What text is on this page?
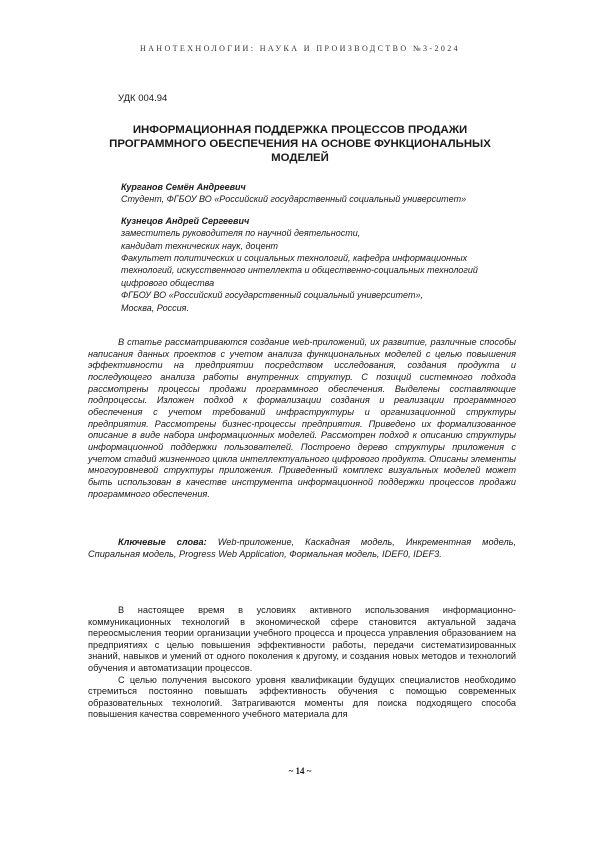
НАНОТЕХНОЛОГИИ: НАУКА И ПРОИЗВОДСТВО №3-2024
УДК 004.94
ИНФОРМАЦИОННАЯ ПОДДЕРЖКА ПРОЦЕССОВ ПРОДАЖИ ПРОГРАММНОГО ОБЕСПЕЧЕНИЯ НА ОСНОВЕ ФУНКЦИОНАЛЬНЫХ МОДЕЛЕЙ
Курганов Семён Андреевич
Студент, ФГБОУ ВО «Российский государственный социальный университет»
Кузнецов Андрей Сергеевич
заместитель руководителя по научной деятельности,
кандидат технических наук, доцент
Факультет политических и социальных технологий, кафедра информационных технологий, искусственного интеллекта и общественно-социальных технологий цифрового общества
ФГБОУ ВО «Российский государственный социальный университет»,
Москва, Россия.

В статье рассматриваются создание web-приложений, их развитие, различные способы написания данных проектов с учетом анализа функциональных моделей с целью повышения эффективности на предприятии посредством исследования, создания продукта и последующего анализа работы внутренних структур. С позиций системного подхода рассмотрены процессы продажи программного обеспечения. Выделены составляющие подпроцессы. Изложен подход к формализации создания и реализации программного обеспечения с учетом требований инфраструктуры и организационной структуры предприятия. Рассмотрены бизнес-процессы предприятия. Приведено их формализованное описание в виде набора информационных моделей. Рассмотрен подход к описанию структуры информационной поддержки пользователей. Построено дерево структуры приложения с учетом стадий жизненного цикла интеллектуального цифрового продукта. Описаны элементы многоуровневой структуры приложения. Приведенный комплекс визуальных моделей может быть использован в качестве инструмента информационной поддержки процессов продажи программного обеспечения.

Ключевые слова: Web-приложение, Каскадная модель, Инкрементная модель, Спиральная модель, Progress Web Application, Формальная модель, IDEF0, IDEF3.

В настоящее время в условиях активного использования информационно-коммуникационных технологий в экономической сфере становится актуальной задача переосмысления теории организации учебного процесса и процесса управления образованием на предприятиях с целью повышения эффективности работы, передачи систематизированных знаний, навыков и умений от одного поколения к другому, и создания новых методов и технологий обучения и автоматизации процессов.

С целью получения высокого уровня квалификации будущих специалистов необходимо стремиться постоянно повышать эффективность обучения с помощью современных образовательных технологий. Затрагиваются моменты для поиска подходящего способа повышения качества современного учебного материала для

~ 14 ~
